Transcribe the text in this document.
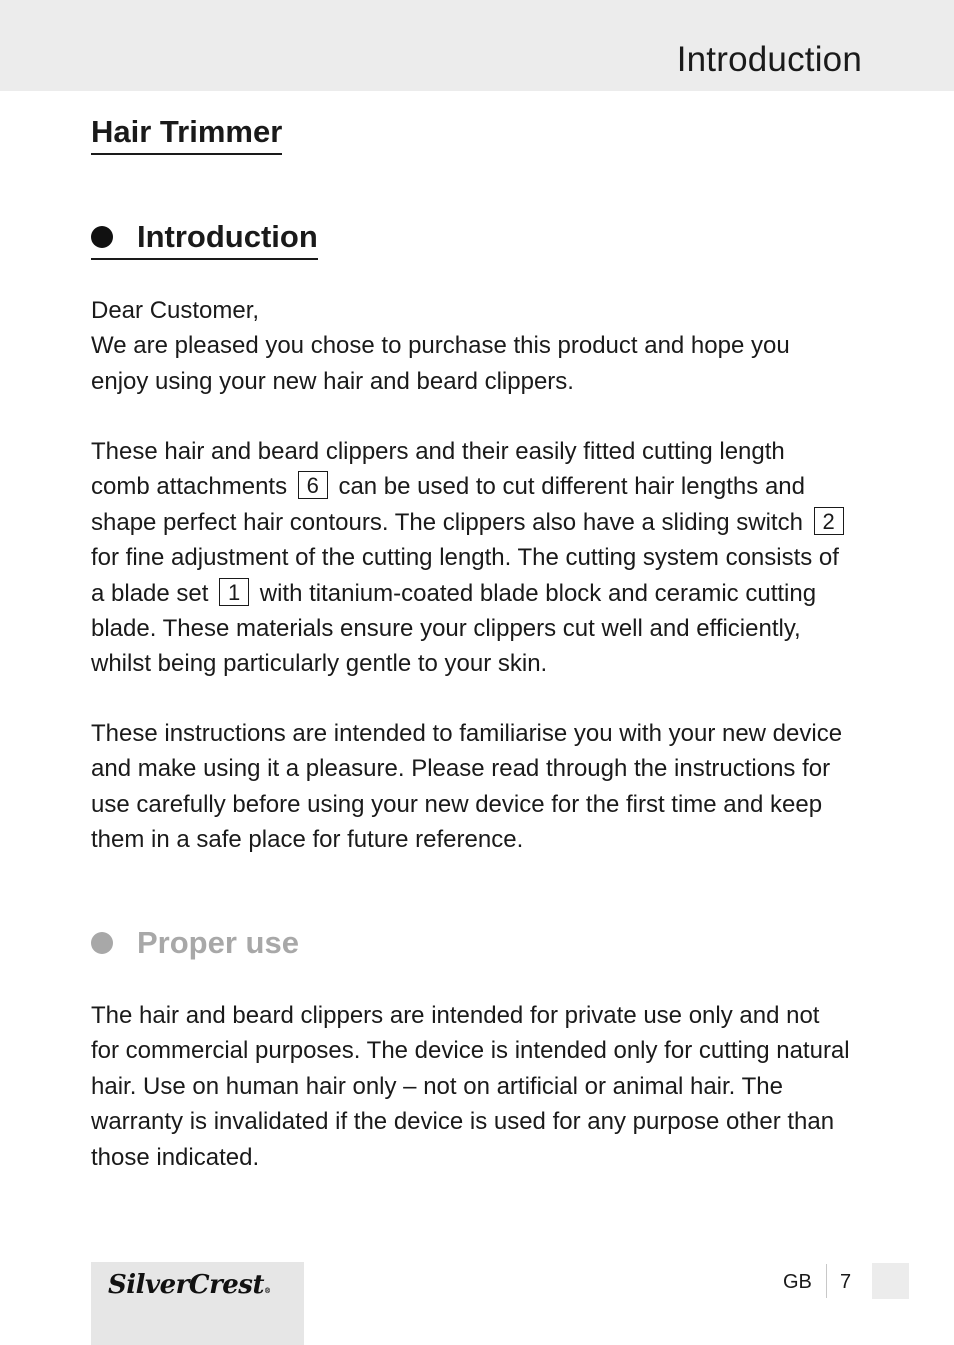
Introduction
Hair Trimmer
Introduction
Dear Customer,
We are pleased you chose to purchase this product and hope you
enjoy using your new hair and beard clippers.
These hair and beard clippers and their easily fitted cutting length
comb attachments 6 can be used to cut different hair lengths and
shape perfect hair contours. The clippers also have a sliding switch 2
for fine adjustment of the cutting length. The cutting system consists of
a blade set 1 with titanium-coated blade block and ceramic cutting
blade. These materials ensure your clippers cut well and efficiently,
whilst being particularly gentle to your skin.
These instructions are intended to familiarise you with your new device
and make using it a pleasure. Please read through the instructions for
use carefully before using your new device for the first time and keep
them in a safe place for future reference.
Proper use
The hair and beard clippers are intended for private use only and not
for commercial purposes. The device is intended only for cutting natural
hair. Use on human hair only – not on artificial or animal hair. The
warranty is invalidated if the device is used for any purpose other than
those indicated.
SilverCrest®	GB 7
